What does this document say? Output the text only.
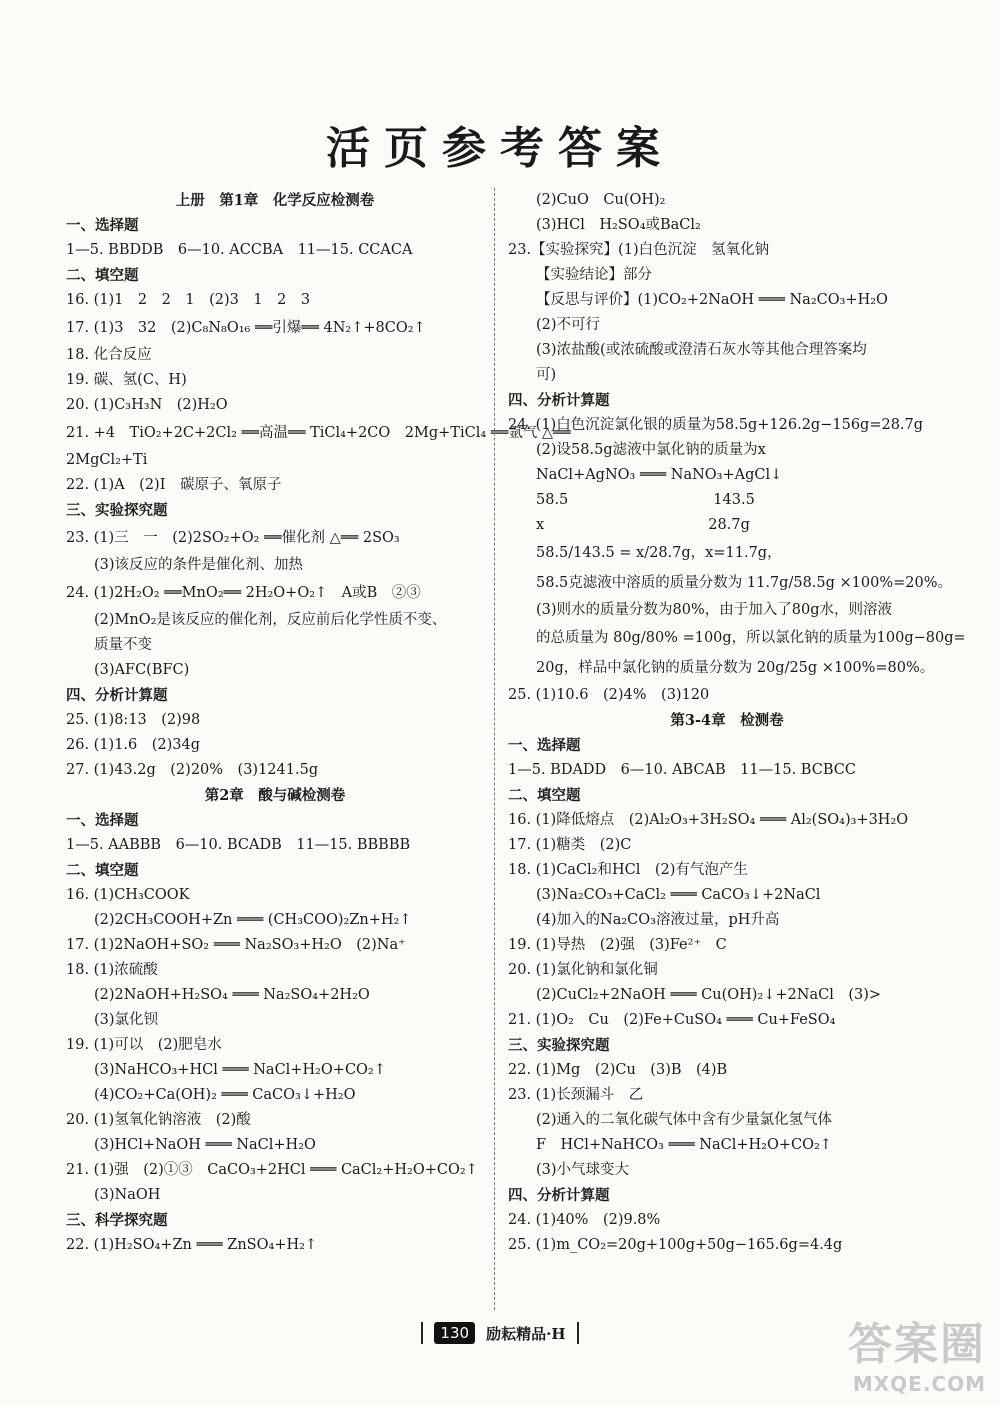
活页参考答案
上册　第1章　化学反应检测卷
一、选择题
1—5. BBDDB　6—10. ACCBA　11—15. CCACA
二、填空题
16. (1)1　2　2　1　(2)3　1　2　3
17. (1)3　32　(2)C₈N₈O₁₆ ══引爆══ 4N₂↑+8CO₂↑
18. 化合反应
19. 碳、氢(C、H)
20. (1)C₃H₃N　(2)H₂O
21. +4　TiO₂+2C+2Cl₂ ══高温══ TiCl₄+2CO　2Mg+TiCl₄ ══氩气 △══
2MgCl₂+Ti
22. (1)A　(2)Ⅰ　碳原子、氧原子
三、实验探究题
23. (1)三　一　(2)2SO₂+O₂ ══催化剂 △══ 2SO₃
(3)该反应的条件是催化剂、加热
24. (1)2H₂O₂ ══MnO₂══ 2H₂O+O₂↑　A或B　②③
(2)MnO₂是该反应的催化剂，反应前后化学性质不变、
质量不变
(3)AFC(BFC)
四、分析计算题
25. (1)8:13　(2)98
26. (1)1.6　(2)34g
27. (1)43.2g　(2)20%　(3)1241.5g
第2章　酸与碱检测卷
一、选择题
1—5. AABBB　6—10. BCADB　11—15. BBBBB
二、填空题
16. (1)CH₃COOK
(2)2CH₃COOH+Zn ═══ (CH₃COO)₂Zn+H₂↑
17. (1)2NaOH+SO₂ ═══ Na₂SO₃+H₂O　(2)Na⁺
18. (1)浓硫酸
(2)2NaOH+H₂SO₄ ═══ Na₂SO₄+2H₂O
(3)氯化钡
19. (1)可以　(2)肥皂水
(3)NaHCO₃+HCl ═══ NaCl+H₂O+CO₂↑
(4)CO₂+Ca(OH)₂ ═══ CaCO₃↓+H₂O
20. (1)氢氧化钠溶液　(2)酸
(3)HCl+NaOH ═══ NaCl+H₂O
21. (1)强　(2)①③　CaCO₃+2HCl ═══ CaCl₂+H₂O+CO₂↑
(3)NaOH
三、科学探究题
22. (1)H₂SO₄+Zn ═══ ZnSO₄+H₂↑
(2)CuO　Cu(OH)₂
(3)HCl　H₂SO₄或BaCl₂
23.【实验探究】(1)白色沉淀　氢氧化钠
【实验结论】部分
【反思与评价】(1)CO₂+2NaOH ═══ Na₂CO₃+H₂O
(2)不可行
(3)浓盐酸(或浓硫酸或澄清石灰水等其他合理答案均
可)
四、分析计算题
24. (1)白色沉淀氯化银的质量为58.5g+126.2g−156g=28.7g
(2)设58.5g滤液中氯化钠的质量为x
NaCl+AgNO₃ ═══ NaNO₃+AgCl↓
58.5　　　　　　　　　　143.5
x　　　　　　　　　　　 28.7g
58.5/143.5 = x/28.7g，x=11.7g，
58.5克滤液中溶质的质量分数为 11.7g/58.5g ×100%=20%。
(3)则水的质量分数为80%，由于加入了80g水，则溶液
的总质量为 80g/80% =100g，所以氯化钠的质量为100g−80g=
20g，样品中氯化钠的质量分数为 20g/25g ×100%=80%。
25. (1)10.6　(2)4%　(3)120
第3-4章　检测卷
一、选择题
1—5. BDADD　6—10. ABCAB　11—15. BCBCC
二、填空题
16. (1)降低熔点　(2)Al₂O₃+3H₂SO₄ ═══ Al₂(SO₄)₃+3H₂O
17. (1)糖类　(2)C
18. (1)CaCl₂和HCl　(2)有气泡产生
(3)Na₂CO₃+CaCl₂ ═══ CaCO₃↓+2NaCl
(4)加入的Na₂CO₃溶液过量，pH升高
19. (1)导热　(2)强　(3)Fe²⁺　C
20. (1)氯化钠和氯化铜
(2)CuCl₂+2NaOH ═══ Cu(OH)₂↓+2NaCl　(3)>
21. (1)O₂　Cu　(2)Fe+CuSO₄ ═══ Cu+FeSO₄
三、实验探究题
22. (1)Mg　(2)Cu　(3)B　(4)B
23. (1)长颈漏斗　乙
(2)通入的二氧化碳气体中含有少量氯化氢气体
F　HCl+NaHCO₃ ═══ NaCl+H₂O+CO₂↑
(3)小气球变大
四、分析计算题
24. (1)40%　(2)9.8%
25. (1)m_CO₂=20g+100g+50g−165.6g=4.4g
130 励耘精品·H	答案圈
MXQE.COM
